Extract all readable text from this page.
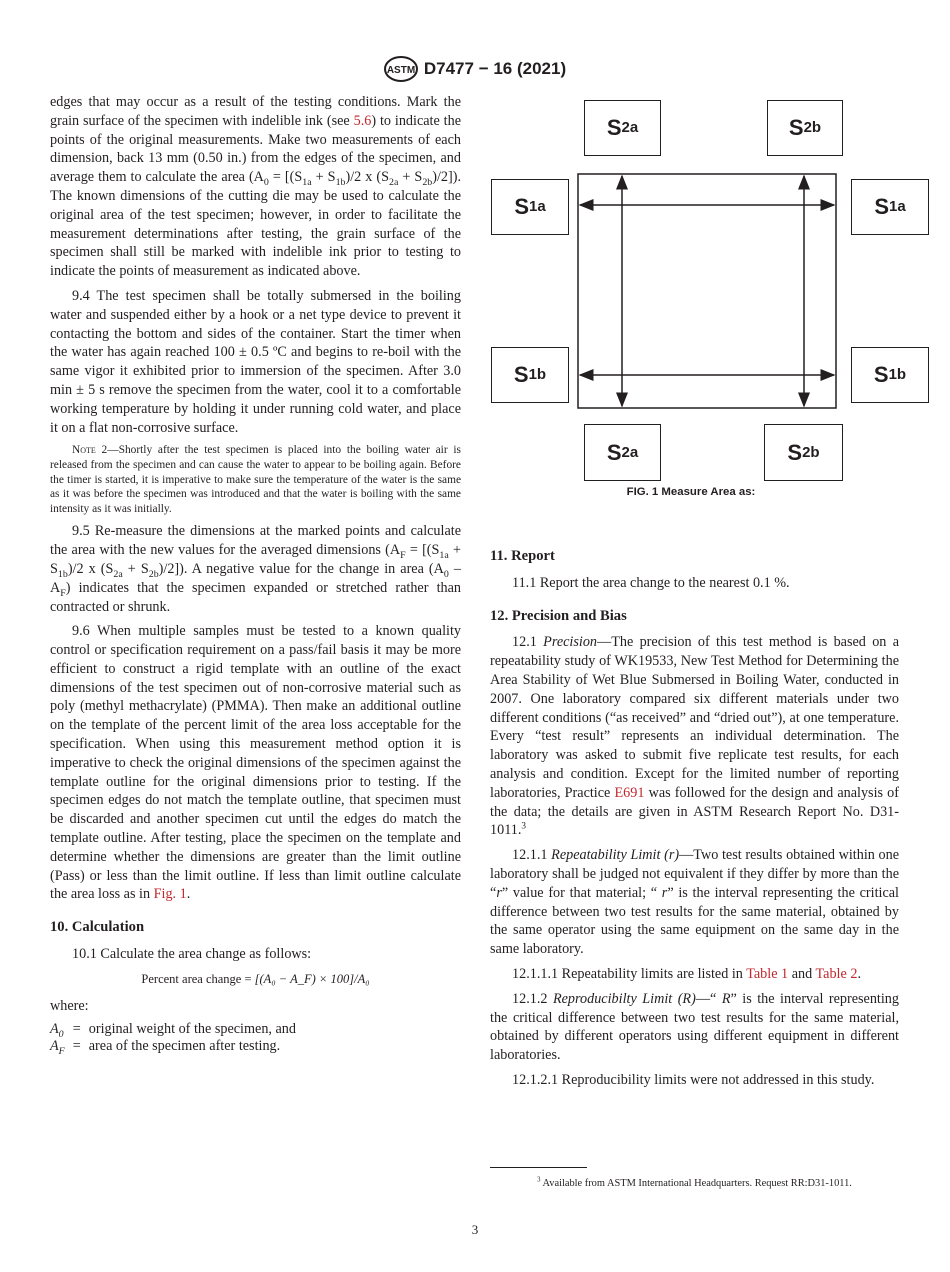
ASTM D7477 − 16 (2021)

edges that may occur as a result of the testing conditions. Mark the grain surface of the specimen with indelible ink (see 5.6) to indicate the points of the original measurements. Make two measurements of each dimension, back 13 mm (0.50 in.) from the edges of the specimen, and average them to calculate the area ($A_0 = [(S_{1a} + S_{1b})/2$ x $(S_{2a} + S_{2b})/2$]). The known dimensions of the cutting die may be used to calculate the original area of the test specimen; however, in order to facilitate the measurement determinations after testing, the grain surface of the specimen shall still be marked with indelible ink prior to testing to indicate the points of measurement as indicated above.

9.4 The test specimen shall be totally submersed in the boiling water and suspended either by a hook or a net type device to prevent it contacting the bottom and sides of the container. Start the timer when the water has again reached 100 ± 0.5 ºC and begins to re-boil with the same vigor it exhibited prior to immersion of the specimen. After 3.0 min ± 5 s remove the specimen from the water, cool it to a comfortable working temperature by holding it under running cold water, and place it on a flat non-corrosive surface.

Note 2—Shortly after the test specimen is placed into the boiling water air is released from the specimen and can cause the water to appear to be boiling again. Before the timer is started, it is imperative to make sure the temperature of the water is the same as it was before the specimen was introduced and that the water is boiling with the same intensity as it was initially.

9.5 Re-measure the dimensions at the marked points and calculate the area with the new values for the averaged dimensions ($A_F = [(S_{1a} + S_{1b})/2$ x $(S_{2a} + S_{2b})/2$]). A negative value for the change in area $(A_0 - A_F)$ indicates that the specimen expanded or stretched rather than contracted or shrunk.

9.6 When multiple samples must be tested to a known quality control or specification requirement on a pass/fail basis it may be more efficient to construct a rigid template with an outline of the exact dimensions of the test specimen out of non-corrosive material such as poly (methyl methacrylate) (PMMA). Then make an additional outline on the template of the percent limit of the area loss acceptable for the specification. When using this measurement method option it is imperative to check the original dimensions of the specimen against the template outline for the original dimensions prior to testing. If the specimen edges do not match the template outline, that specimen must be discarded and another specimen cut until the edges do match the template outline. After testing, place the specimen on the template and determine whether the dimensions are greater than the limit outline (Pass) or less than the limit outline. If less than limit outline calculate the area loss as in Fig. 1.

10. Calculation

10.1 Calculate the area change as follows:

Percent area change = [(A₀ − A_F) × 100]/A₀

where:

$A_0$	=	original weight of the specimen, and
$A_F$	=	area of the specimen after testing.
S 2a	S 2b
S 1a	S 1a
S 1b	S 1b
S 2a	S 2b
FIG. 1 Measure Area as:
11. Report

11.1 Report the area change to the nearest 0.1 %.

12. Precision and Bias

12.1 Precision—The precision of this test method is based on a repeatability study of WK19533, New Test Method for Determining the Area Stability of Wet Blue Submersed in Boiling Water, conducted in 2007. One laboratory compared six different materials under two different conditions (“as received” and “dried out”), at one temperature. Every “test result” represents an individual determination. The laboratory was asked to submit five replicate test results, for each analysis and condition. Except for the limited number of reporting laboratories, Practice E691 was followed for the design and analysis of the data; the details are given in ASTM Research Report No. D31-1011.$^3$

12.1.1 Repeatability Limit (r)—Two test results obtained within one laboratory shall be judged not equivalent if they differ by more than the “r” value for that material; “ r” is the interval representing the critical difference between two test results for the same material, obtained by the same operator using the same equipment on the same day in the same laboratory.

12.1.1.1 Repeatability limits are listed in Table 1 and Table 2.

12.1.2 Reproducibilty Limit (R)—“ R” is the interval representing the critical difference between two test results for the same material, obtained by different operators using different equipment in different laboratories.

12.1.2.1 Reproducibility limits were not addressed in this study.

$^3$ Available from ASTM International Headquarters. Request RR:D31-1011.
3
